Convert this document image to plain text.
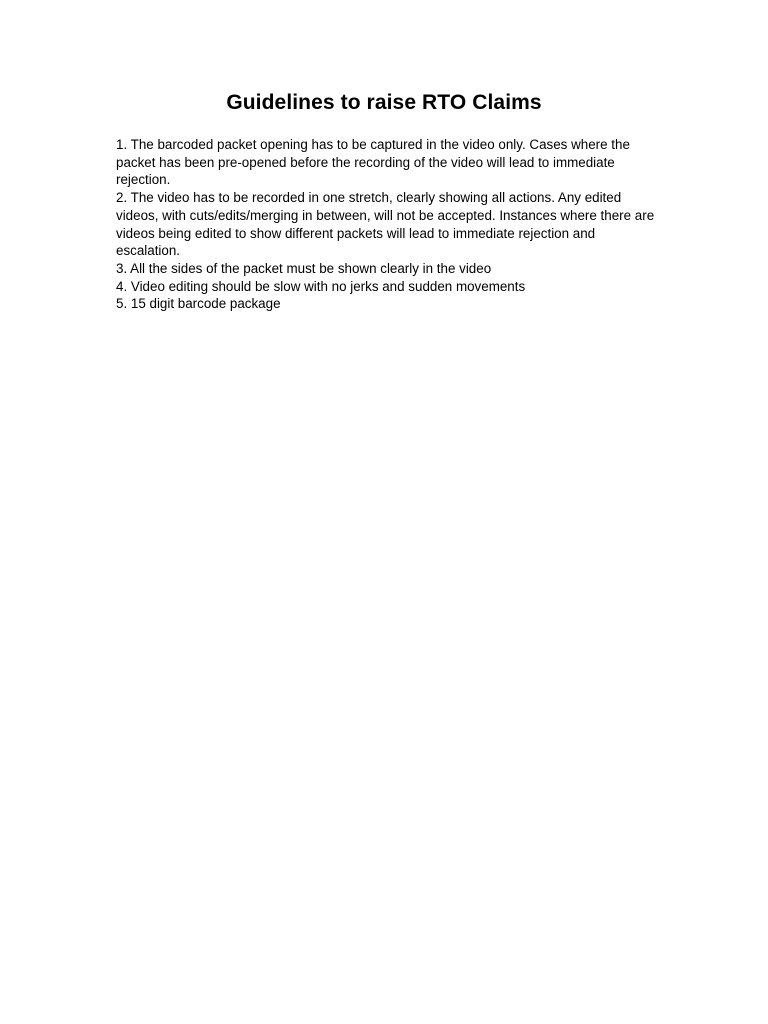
Guidelines to raise RTO Claims
1. The barcoded packet opening has to be captured in the video only. Cases where the packet has been pre-opened before the recording of the video will lead to immediate rejection.
2. The video has to be recorded in one stretch, clearly showing all actions. Any edited videos, with cuts/edits/merging in between, will not be accepted. Instances where there are videos being edited to show different packets will lead to immediate rejection and escalation.
3. All the sides of the packet must be shown clearly in the video
4. Video editing should be slow with no jerks and sudden movements
5. 15 digit barcode package
